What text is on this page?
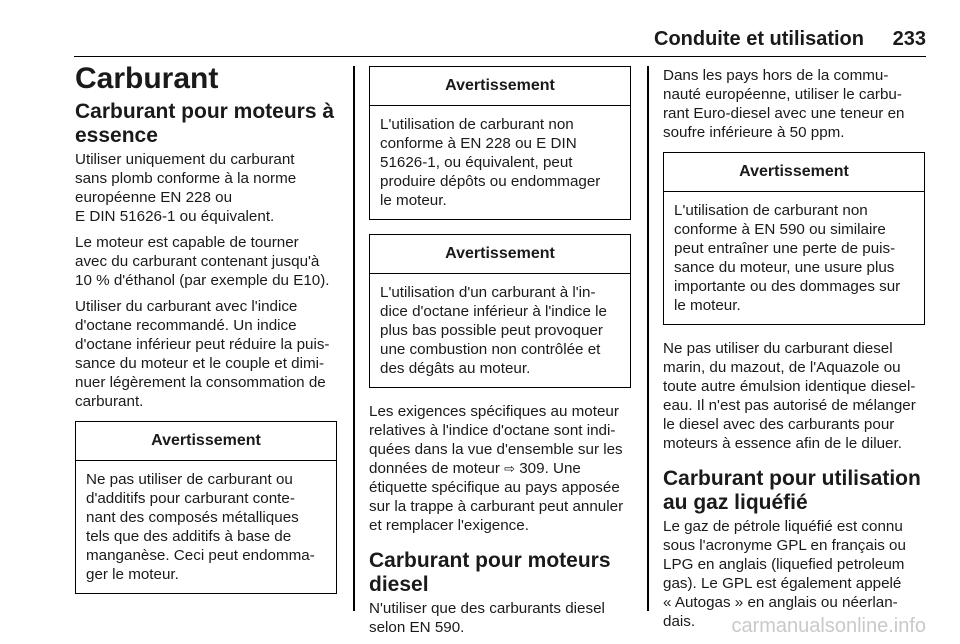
Conduite et utilisation 233
Carburant
Carburant pour moteurs à essence

Utiliser uniquement du carburant
sans plomb conforme à la norme
européenne EN 228 ou
E DIN 51626-1 ou équivalent.

Le moteur est capable de tourner
avec du carburant contenant jusqu'à
10 % d'éthanol (par exemple du E10).

Utiliser du carburant avec l'indice
d'octane recommandé. Un indice
d'octane inférieur peut réduire la puis-
sance du moteur et le couple et dimi-
nuer légèrement la consommation de
carburant.

Avertissement
Ne pas utiliser de carburant ou
d'additifs pour carburant conte-
nant des composés métalliques
tels que des additifs à base de
manganèse. Ceci peut endomma-
ger le moteur.
Avertissement
L'utilisation de carburant non
conforme à EN 228 ou E DIN
51626-1, ou équivalent, peut
produire dépôts ou endommager
le moteur.
Avertissement
L'utilisation d'un carburant à l'in-
dice d'octane inférieur à l'indice le
plus bas possible peut provoquer
une combustion non contrôlée et
des dégâts au moteur.

Les exigences spécifiques au moteur
relatives à l'indice d'octane sont indi-
quées dans la vue d'ensemble sur les
données de moteur ⇨ 309. Une
étiquette spécifique au pays apposée
sur la trappe à carburant peut annuler
et remplacer l'exigence.

Carburant pour moteurs diesel

N'utiliser que des carburants diesel
selon EN 590.

Dans les pays hors de la commu-
nauté européenne, utiliser le carbu-
rant Euro-diesel avec une teneur en
soufre inférieure à 50 ppm.

Avertissement
L'utilisation de carburant non
conforme à EN 590 ou similaire
peut entraîner une perte de puis-
sance du moteur, une usure plus
importante ou des dommages sur
le moteur.

Ne pas utiliser du carburant diesel
marin, du mazout, de l'Aquazole ou
toute autre émulsion identique diesel-
eau. Il n'est pas autorisé de mélanger
le diesel avec des carburants pour
moteurs à essence afin de le diluer.

Carburant pour utilisation au gaz liquéfié

Le gaz de pétrole liquéfié est connu
sous l'acronyme GPL en français ou
LPG en anglais (liquefied petroleum
gas). Le GPL est également appelé
« Autogas » en anglais ou néerlan-
dais.	carmanualsonline.info
